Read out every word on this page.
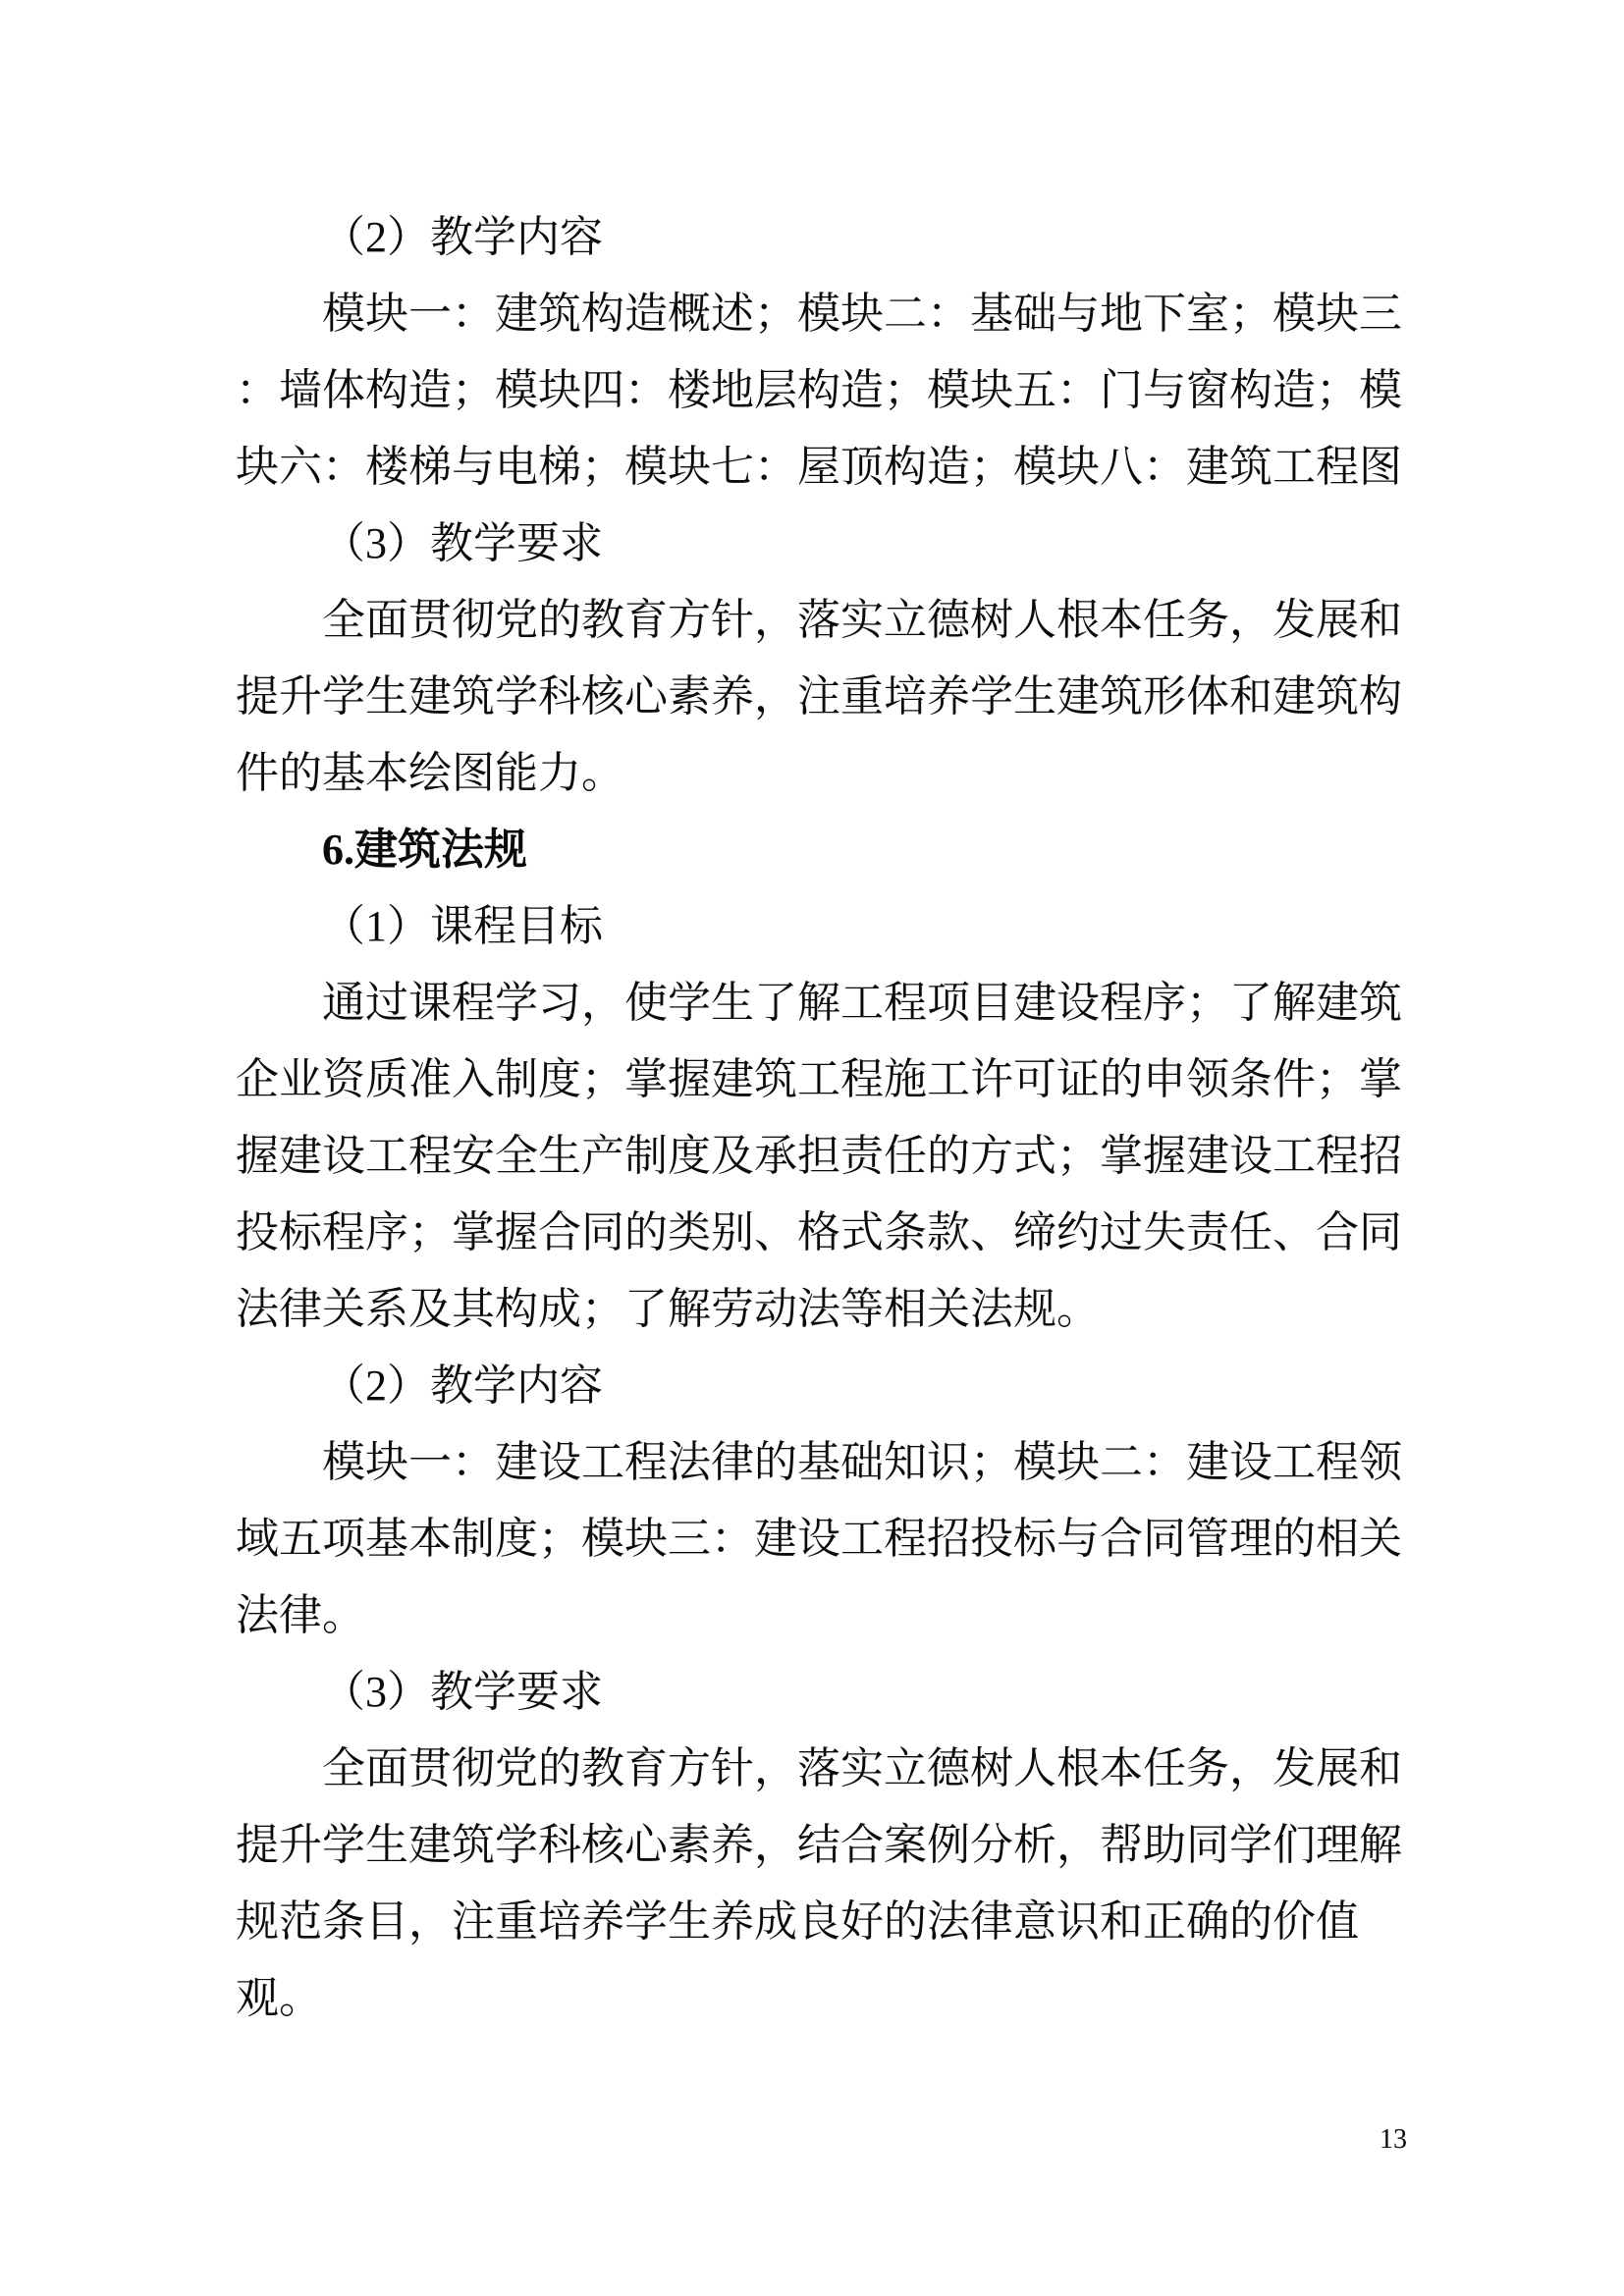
（2）教学内容
模块一：建筑构造概述；模块二：基础与地下室；模块三
：墙体构造；模块四：楼地层构造；模块五：门与窗构造；模
块六：楼梯与电梯；模块七：屋顶构造；模块八：建筑工程图
（3）教学要求
全面贯彻党的教育方针，落实立德树人根本任务，发展和
提升学生建筑学科核心素养，注重培养学生建筑形体和建筑构
件的基本绘图能力。
6.建筑法规
（1）课程目标
通过课程学习，使学生了解工程项目建设程序；了解建筑
企业资质准入制度；掌握建筑工程施工许可证的申领条件；掌
握建设工程安全生产制度及承担责任的方式；掌握建设工程招
投标程序；掌握合同的类别、格式条款、缔约过失责任、合同
法律关系及其构成；了解劳动法等相关法规。
（2）教学内容
模块一：建设工程法律的基础知识；模块二：建设工程领
域五项基本制度；模块三：建设工程招投标与合同管理的相关
法律。
（3）教学要求
全面贯彻党的教育方针，落实立德树人根本任务，发展和
提升学生建筑学科核心素养，结合案例分析，帮助同学们理解
规范条目，注重培养学生养成良好的法律意识和正确的价值
观。
13
